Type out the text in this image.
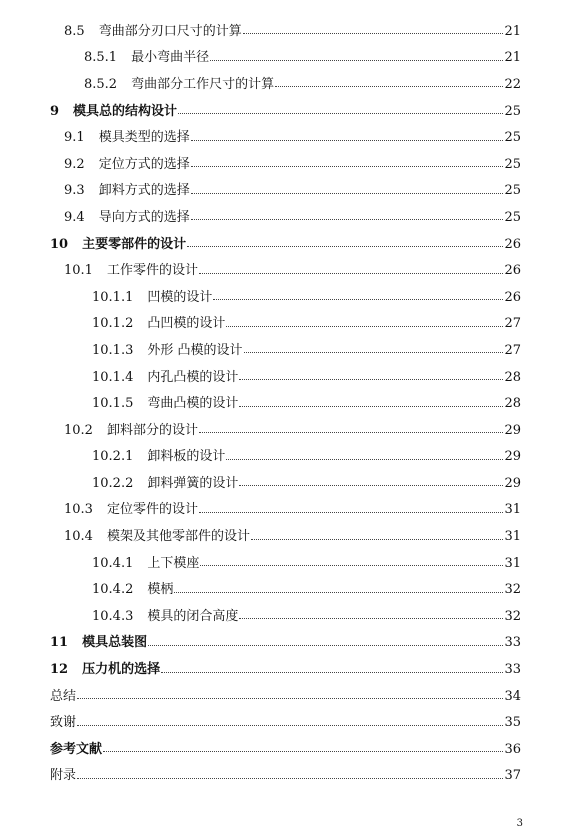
8.5 弯曲部分刃口尺寸的计算	21
8.5.1 最小弯曲半径	21
8.5.2 弯曲部分工作尺寸的计算	22
9 模具总的结构设计	25
9.1 模具类型的选择	25
9.2 定位方式的选择	25
9.3 卸料方式的选择	25
9.4 导向方式的选择	25
10 主要零部件的设计	26
10.1 工作零件的设计	26
10.1.1 凹模的设计	26
10.1.2 凸凹模的设计	27
10.1.3 外形 凸模的设计	27
10.1.4 内孔凸模的设计	28
10.1.5 弯曲凸模的设计	28
10.2 卸料部分的设计	29
10.2.1 卸料板的设计	29
10.2.2 卸料弹簧的设计	29
10.3 定位零件的设计	31
10.4 模架及其他零部件的设计	31
10.4.1 上下模座	31
10.4.2 模柄	32
10.4.3 模具的闭合高度	32
11 模具总装图	33
12 压力机的选择	33
总结	34
致谢	35
参考文献	36
附录	37
3
